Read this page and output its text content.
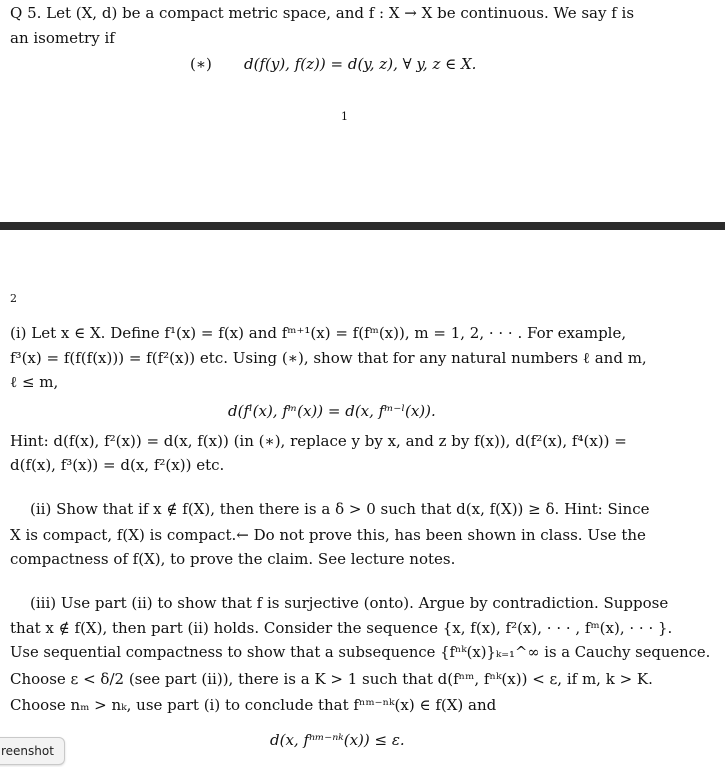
Q 5. Let (X, d) be a compact metric space, and f : X → X be continuous. We say f is
an isometry if
(∗) d(f(y), f(z)) = d(y, z), ∀ y, z ∈ X.
1
2
(i) Let x ∈ X. Define f¹(x) = f(x) and fᵐ⁺¹(x) = f(fᵐ(x)), m = 1, 2, · · · . For example,
f³(x) = f(f(f(x))) = f(f²(x)) etc. Using (∗), show that for any natural numbers ℓ and m,
ℓ ≤ m,
d(fˡ(x), fᵐ(x)) = d(x, fᵐ⁻ˡ(x)).
Hint: d(f(x), f²(x)) = d(x, f(x)) (in (∗), replace y by x, and z by f(x)), d(f²(x), f⁴(x)) =
d(f(x), f³(x)) = d(x, f²(x)) etc.
(ii) Show that if x ∉ f(X), then there is a δ > 0 such that d(x, f(X)) ≥ δ. Hint: Since
X is compact, f(X) is compact.← Do not prove this, has been shown in class. Use the
compactness of f(X), to prove the claim. See lecture notes.
(iii) Use part (ii) to show that f is surjective (onto). Argue by contradiction. Suppose
that x ∉ f(X), then part (ii) holds. Consider the sequence {x, f(x), f²(x), · · · , fᵐ(x), · · · }.
Use sequential compactness to show that a subsequence {fⁿᵏ(x)}ₖ₌₁^∞ is a Cauchy sequence.
Choose ε < δ/2 (see part (ii)), there is a K > 1 such that d(fⁿᵐ, fⁿᵏ(x)) < ε, if m, k > K.
Choose nₘ > nₖ, use part (i) to conclude that fⁿᵐ⁻ⁿᵏ(x) ∈ f(X) and
d(x, fⁿᵐ⁻ⁿᵏ(x)) ≤ ε.
reenshot
